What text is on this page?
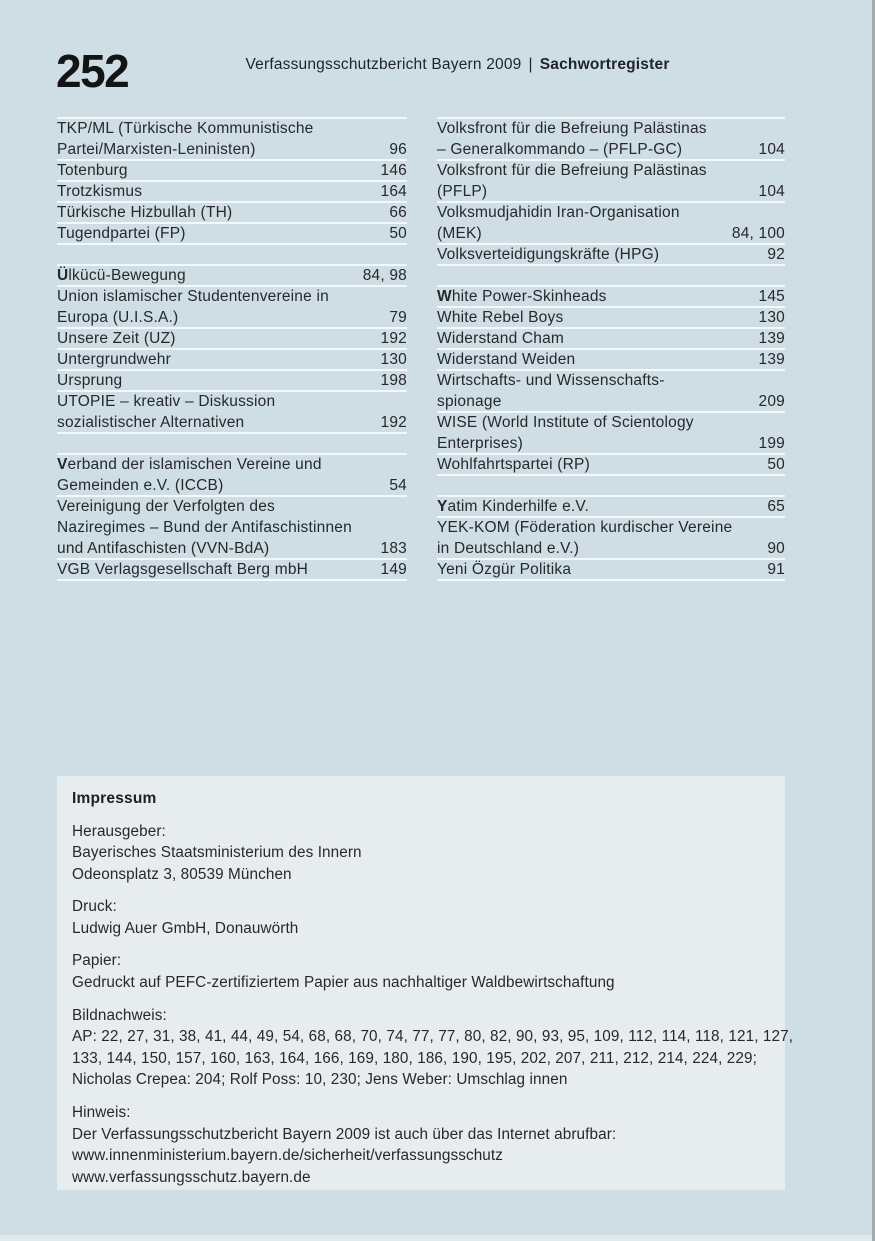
252	Verfassungsschutzbericht Bayern 2009 | Sachwortregister
TKP/ML (Türkische Kommunistische
Partei/Marxisten-Leninisten)	96
Totenburg	146
Trotzkismus	164
Türkische Hizbullah (TH)	66
Tugendpartei (FP)	50
Ülkücü-Bewegung	84, 98
Union islamischer Studentenvereine in
Europa (U.I.S.A.)	79
Unsere Zeit (UZ)	192
Untergrundwehr	130
Ursprung	198
UTOPIE – kreativ – Diskussion
sozialistischer Alternativen	192
Verband der islamischen Vereine und
Gemeinden e.V. (ICCB)	54
Vereinigung der Verfolgten des
Naziregimes – Bund der Antifaschistinnen
und Antifaschisten (VVN-BdA)	183
VGB Verlagsgesellschaft Berg mbH	149
Volksfront für die Befreiung Palästinas
– Generalkommando – (PFLP-GC)	104
Volksfront für die Befreiung Palästinas
(PFLP)	104
Volksmudjahidin Iran-Organisation
(MEK)	84, 100
Volksverteidigungskräfte (HPG)	92
White Power-Skinheads	145
White Rebel Boys	130
Widerstand Cham	139
Widerstand Weiden	139
Wirtschafts- und Wissenschafts-
spionage	209
WISE (World Institute of Scientology
Enterprises)	199
Wohlfahrtspartei (RP)	50
Yatim Kinderhilfe e.V.	65
YEK-KOM (Föderation kurdischer Vereine
in Deutschland e.V.)	90
Yeni Özgür Politika	91
Impressum
Herausgeber:
Bayerisches Staatsministerium des Innern
Odeonsplatz 3, 80539 München
Druck:
Ludwig Auer GmbH, Donauwörth
Papier:
Gedruckt auf PEFC-zertifiziertem Papier aus nachhaltiger Waldbewirtschaftung
Bildnachweis:
AP: 22, 27, 31, 38, 41, 44, 49, 54, 68, 68, 70, 74, 77, 77, 80, 82, 90, 93, 95, 109, 112, 114, 118, 121, 127,
133, 144, 150, 157, 160, 163, 164, 166, 169, 180, 186, 190, 195, 202, 207, 211, 212, 214, 224, 229;
Nicholas Crepea: 204; Rolf Poss: 10, 230; Jens Weber: Umschlag innen
Hinweis:
Der Verfassungsschutzbericht Bayern 2009 ist auch über das Internet abrufbar:
www.innenministerium.bayern.de/sicherheit/verfassungsschutz
www.verfassungsschutz.bayern.de
